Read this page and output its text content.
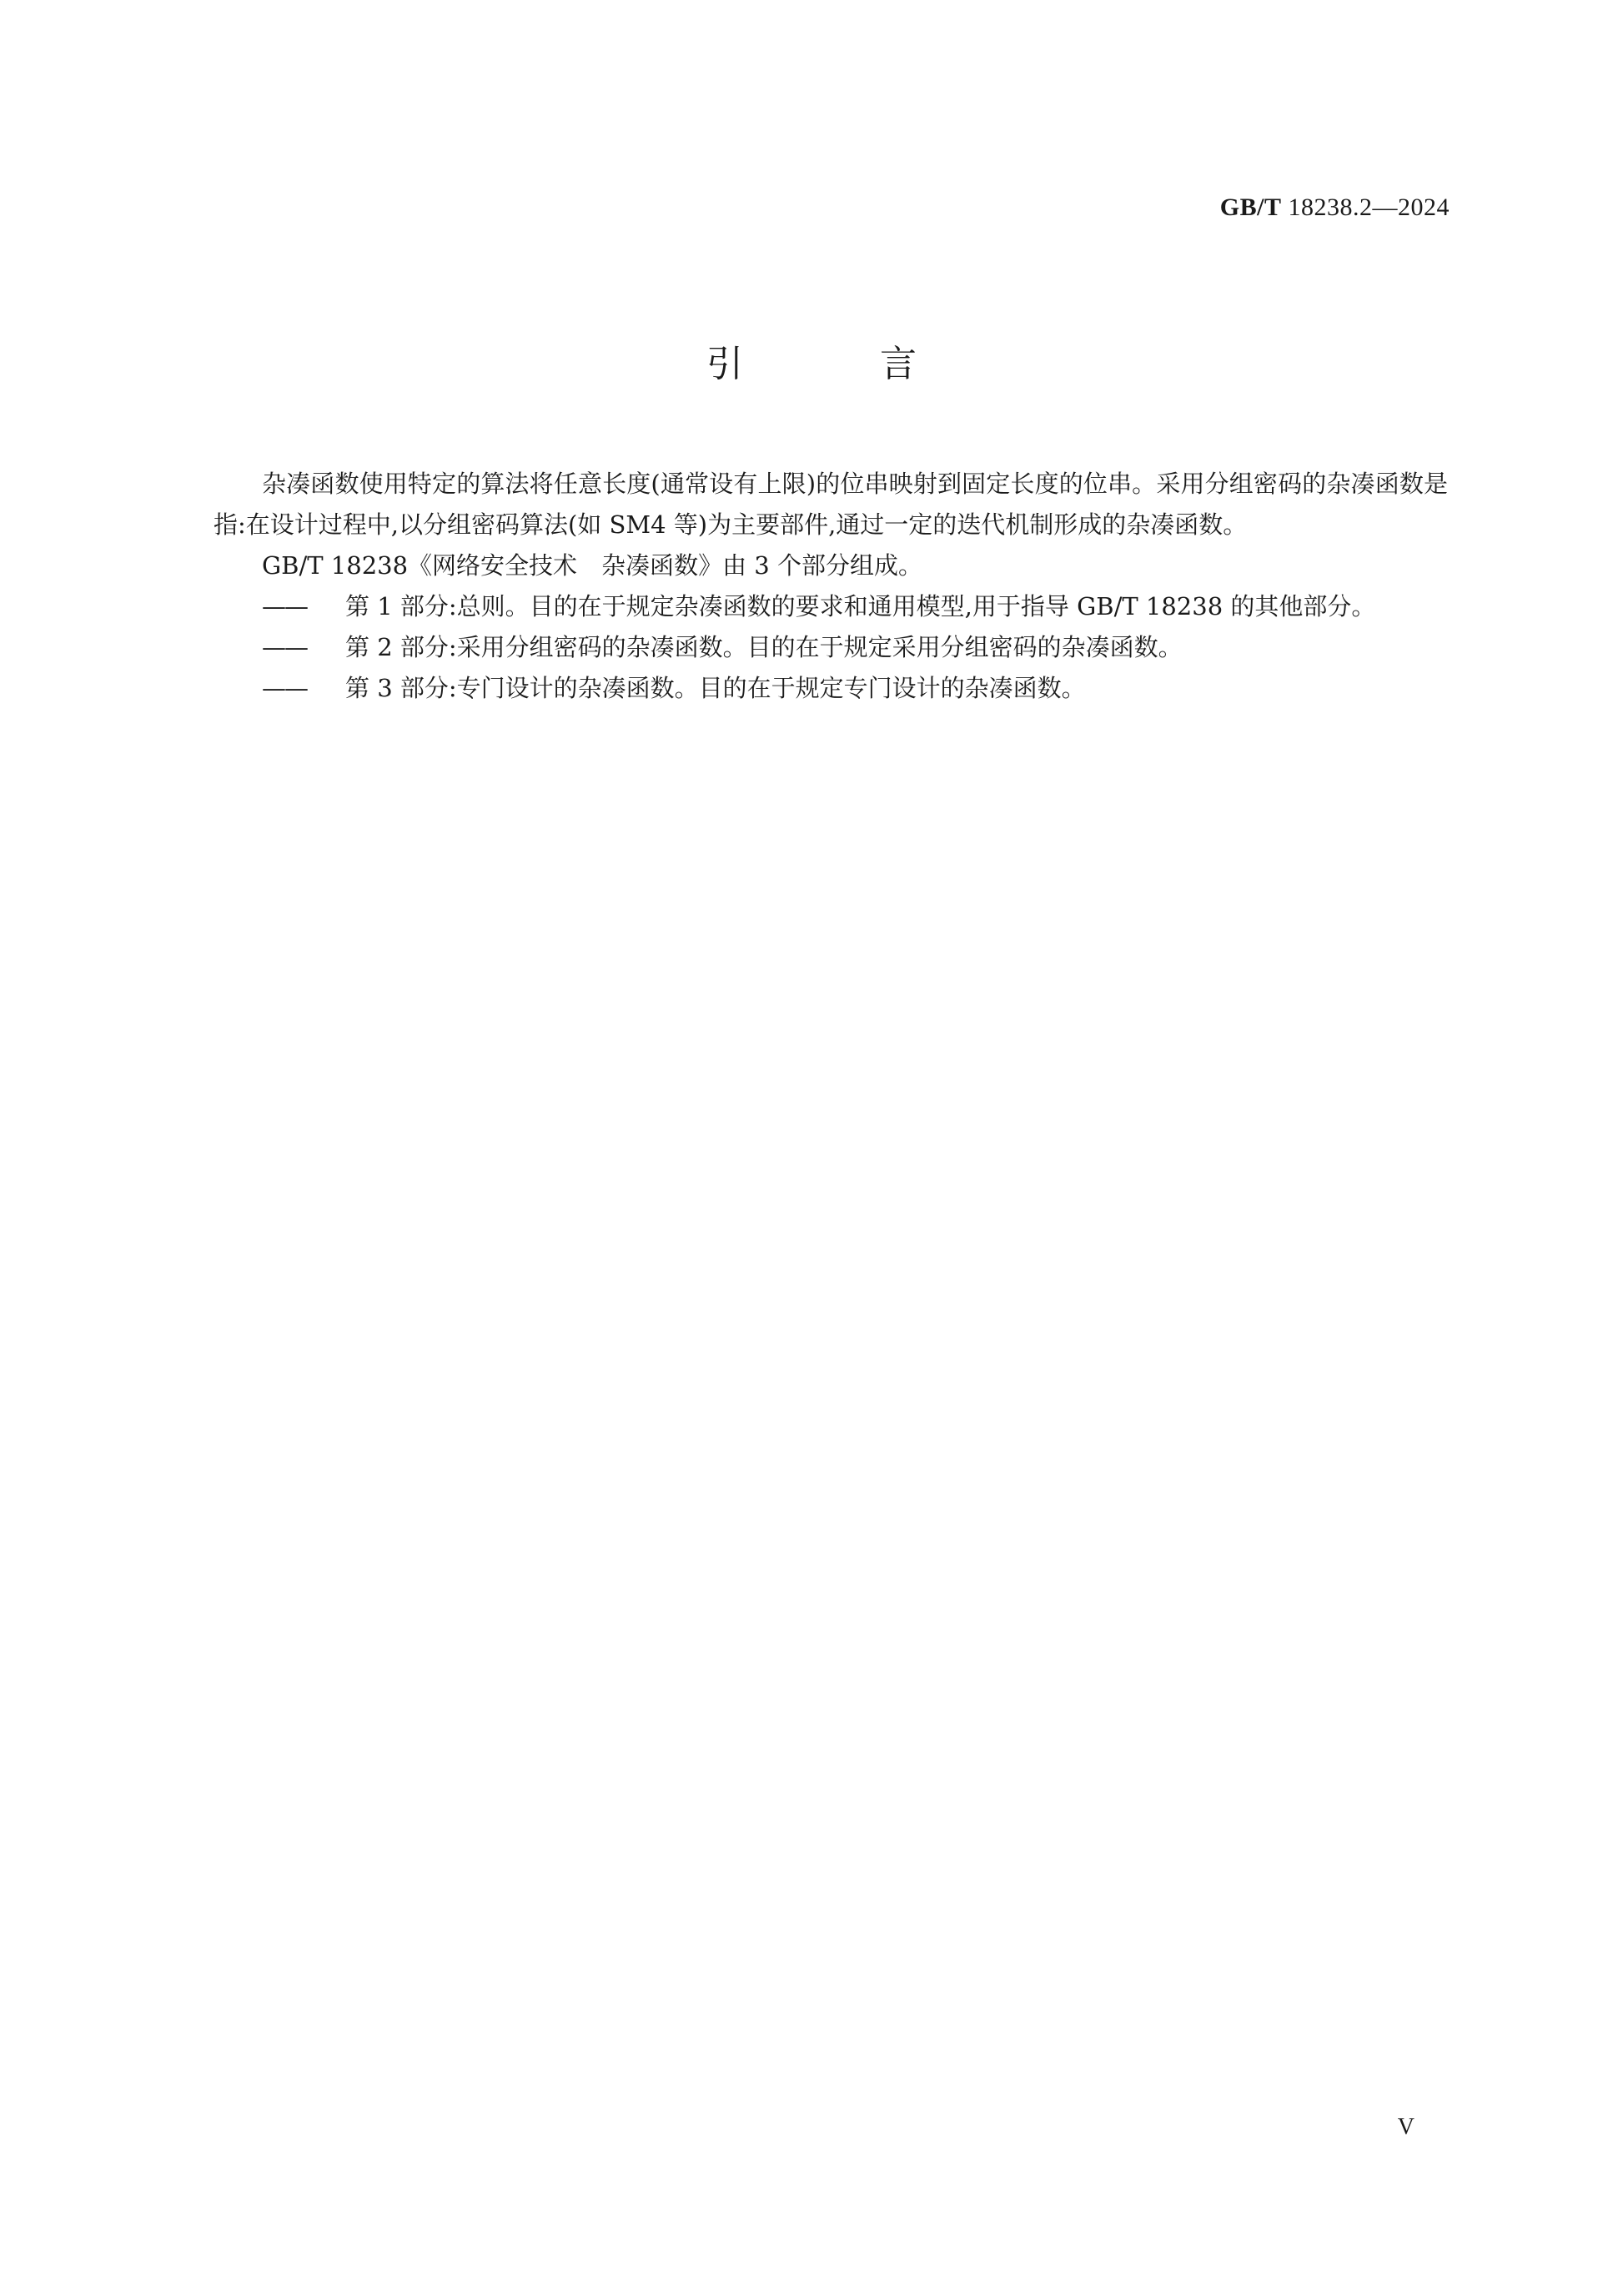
GB/T 18238.2—2024
引　言

杂凑函数使用特定的算法将任意长度(通常设有上限)的位串映射到固定长度的位串。采用分组密码的杂凑函数是指:在设计过程中,以分组密码算法(如 SM4 等)为主要部件,通过一定的迭代机制形成的杂凑函数。

GB/T 18238《网络安全技术　杂凑函数》由 3 个部分组成。

——	第 1 部分:总则。目的在于规定杂凑函数的要求和通用模型,用于指导 GB/T 18238 的其他部分。
——	第 2 部分:采用分组密码的杂凑函数。目的在于规定采用分组密码的杂凑函数。
——	第 3 部分:专门设计的杂凑函数。目的在于规定专门设计的杂凑函数。
V
